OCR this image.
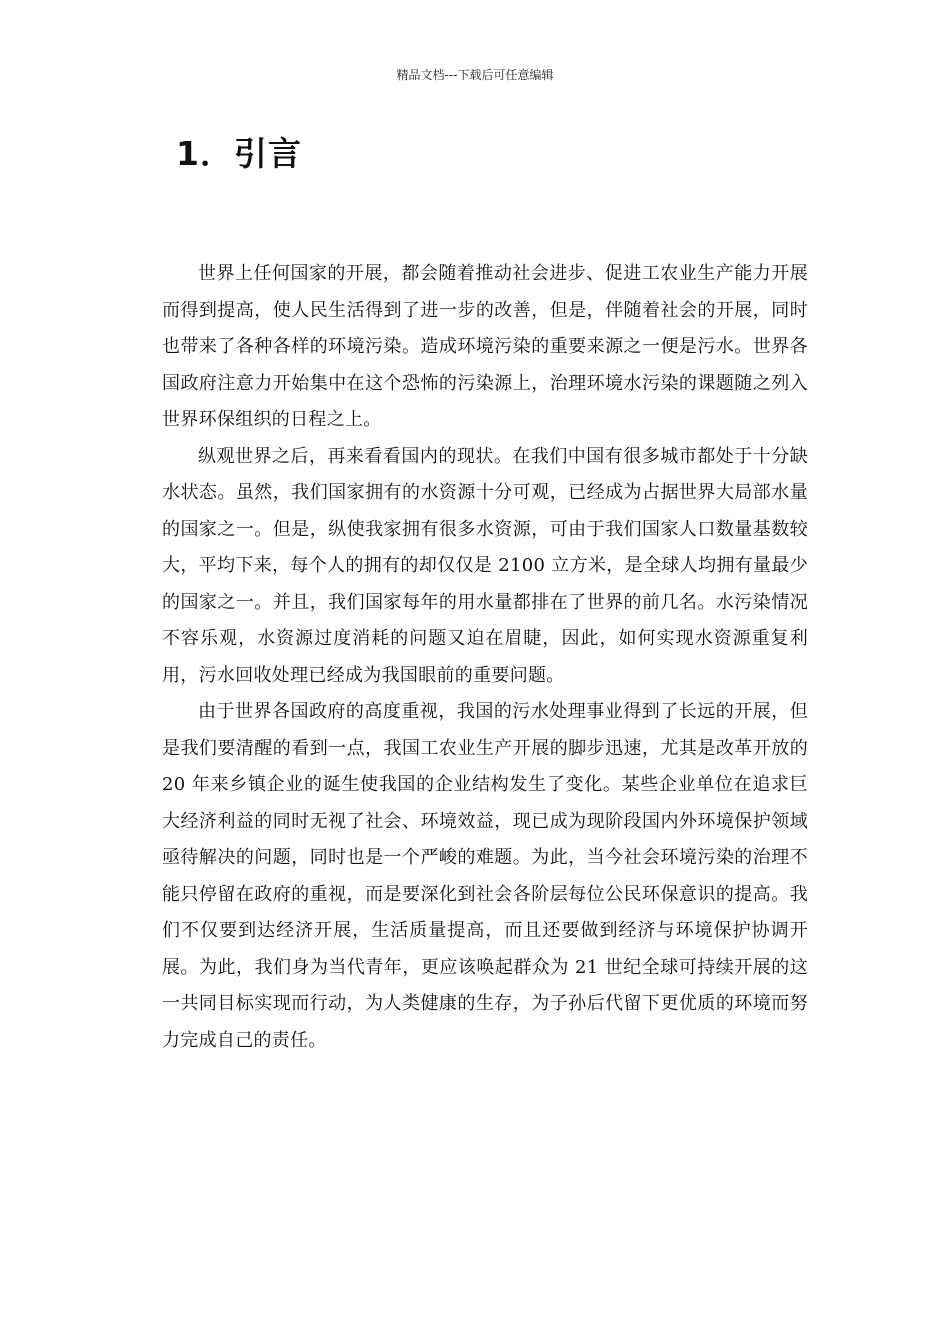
精品文档---下载后可任意编辑
1．引言

世界上任何国家的开展，都会随着推动社会进步、促进工农业生产能力开展而得到提高，使人民生活得到了进一步的改善，但是，伴随着社会的开展，同时也带来了各种各样的环境污染。造成环境污染的重要来源之一便是污水。世界各国政府注意力开始集中在这个恐怖的污染源上，治理环境水污染的课题随之列入世界环保组织的日程之上。

纵观世界之后，再来看看国内的现状。在我们中国有很多城市都处于十分缺水状态。虽然，我们国家拥有的水资源十分可观，已经成为占据世界大局部水量的国家之一。但是，纵使我家拥有很多水资源，可由于我们国家人口数量基数较大，平均下来，每个人的拥有的却仅仅是 2100 立方米，是全球人均拥有量最少的国家之一。并且，我们国家每年的用水量都排在了世界的前几名。水污染情况不容乐观，水资源过度消耗的问题又迫在眉睫，因此，如何实现水资源重复利用，污水回收处理已经成为我国眼前的重要问题。

由于世界各国政府的高度重视，我国的污水处理事业得到了长远的开展，但是我们要清醒的看到一点，我国工农业生产开展的脚步迅速，尤其是改革开放的 20 年来乡镇企业的诞生使我国的企业结构发生了变化。某些企业单位在追求巨大经济利益的同时无视了社会、环境效益，现已成为现阶段国内外环境保护领域亟待解决的问题，同时也是一个严峻的难题。为此，当今社会环境污染的治理不能只停留在政府的重视，而是要深化到社会各阶层每位公民环保意识的提高。我们不仅要到达经济开展，生活质量提高，而且还要做到经济与环境保护协调开展。为此，我们身为当代青年，更应该唤起群众为 21 世纪全球可持续开展的这一共同目标实现而行动，为人类健康的生存，为子孙后代留下更优质的环境而努力完成自己的责任。
